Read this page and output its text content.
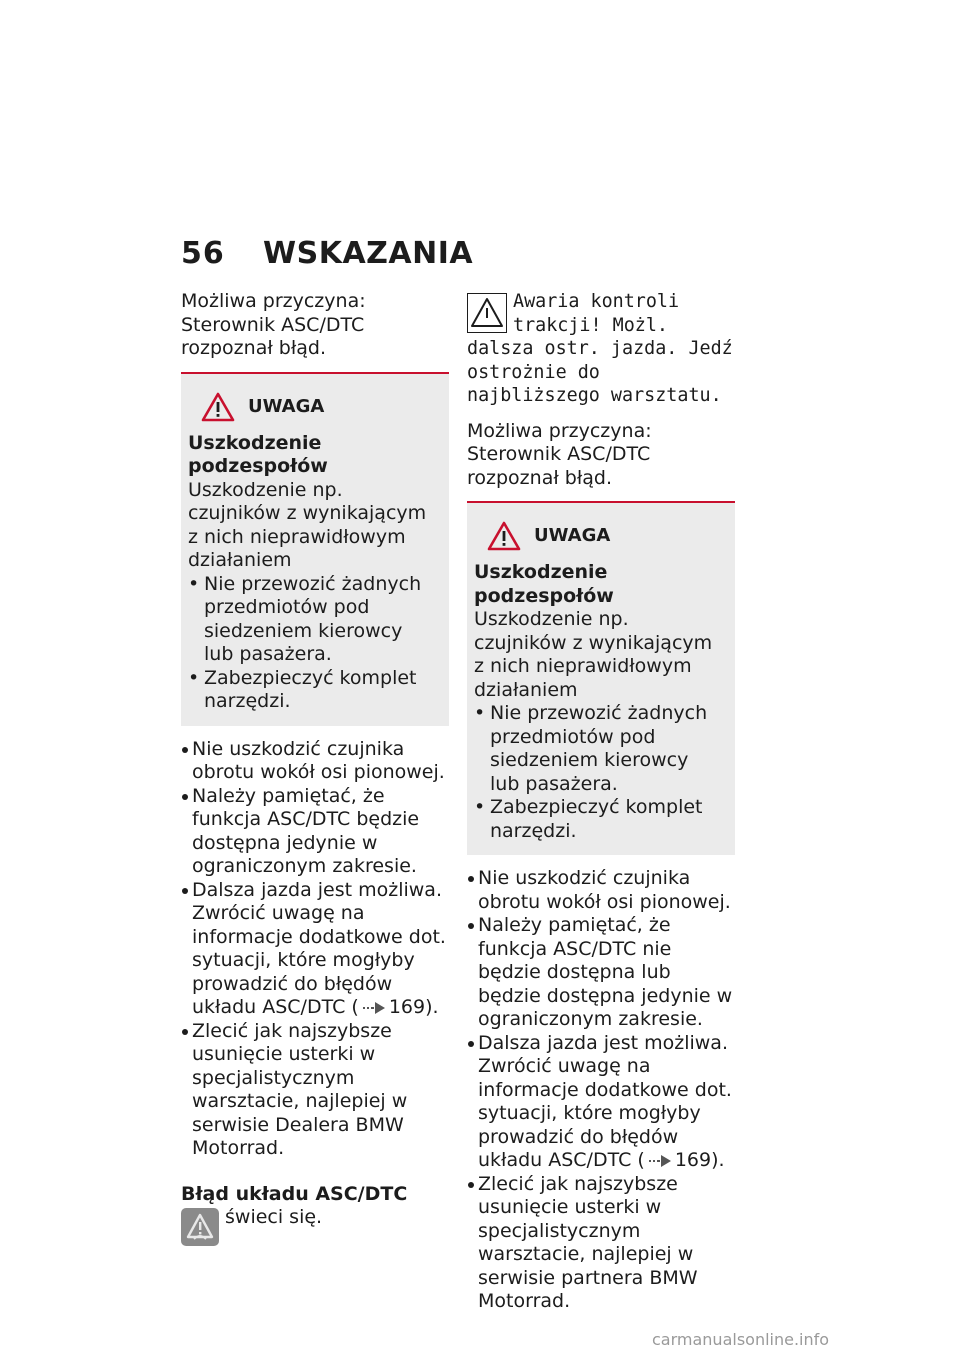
56	WSKAZANIA

Możliwa przyczyna:

Sterownik ASC/DTC rozpoznał błąd.

UWAGA

Uszkodzenie podzespołów

Uszkodzenie np. czujników z wynikającym z nich nieprawidłowym działaniem

• Nie przewozić żadnych przedmiotów pod siedzeniem kierowcy lub pasażera.
• Zabezpieczyć komplet narzędzi.
Nie uszkodzić czujnika obrotu wokół osi pionowej.
Należy pamiętać, że funkcja ASC/DTC będzie dostępna jedynie w ograniczonym zakresie.
Dalsza jazda jest możliwa. Zwrócić uwagę na informacje dodatkowe dot. sytuacji, które mogłyby prowadzić do błędów układu ASC/DTC ( 169).
Zlecić jak najszybsze usunięcie usterki w specjalistycznym warsztacie, najlepiej w serwisie Dealera BMW Motorrad.

Błąd układu ASC/DTC

świeci się.

Awaria kontroli trakcji! Możl. dalsza ostr. jazda. Jedź ostrożnie do najbliższego warsztatu.

Możliwa przyczyna:

Sterownik ASC/DTC rozpoznał błąd.

UWAGA

Uszkodzenie podzespołów

Uszkodzenie np. czujników z wynikającym z nich nieprawidłowym działaniem

• Nie przewozić żadnych przedmiotów pod siedzeniem kierowcy lub pasażera.
• Zabezpieczyć komplet narzędzi.
Nie uszkodzić czujnika obrotu wokół osi pionowej.
Należy pamiętać, że funkcja ASC/DTC nie będzie dostępna lub będzie dostępna jedynie w ograniczonym zakresie.
Dalsza jazda jest możliwa. Zwrócić uwagę na informacje dodatkowe dot. sytuacji, które mogłyby prowadzić do błędów układu ASC/DTC ( 169).
Zlecić jak najszybsze usunięcie usterki w specjalistycznym warsztacie, najlepiej w serwisie partnera BMW Motorrad.
carmanualsonline.info
